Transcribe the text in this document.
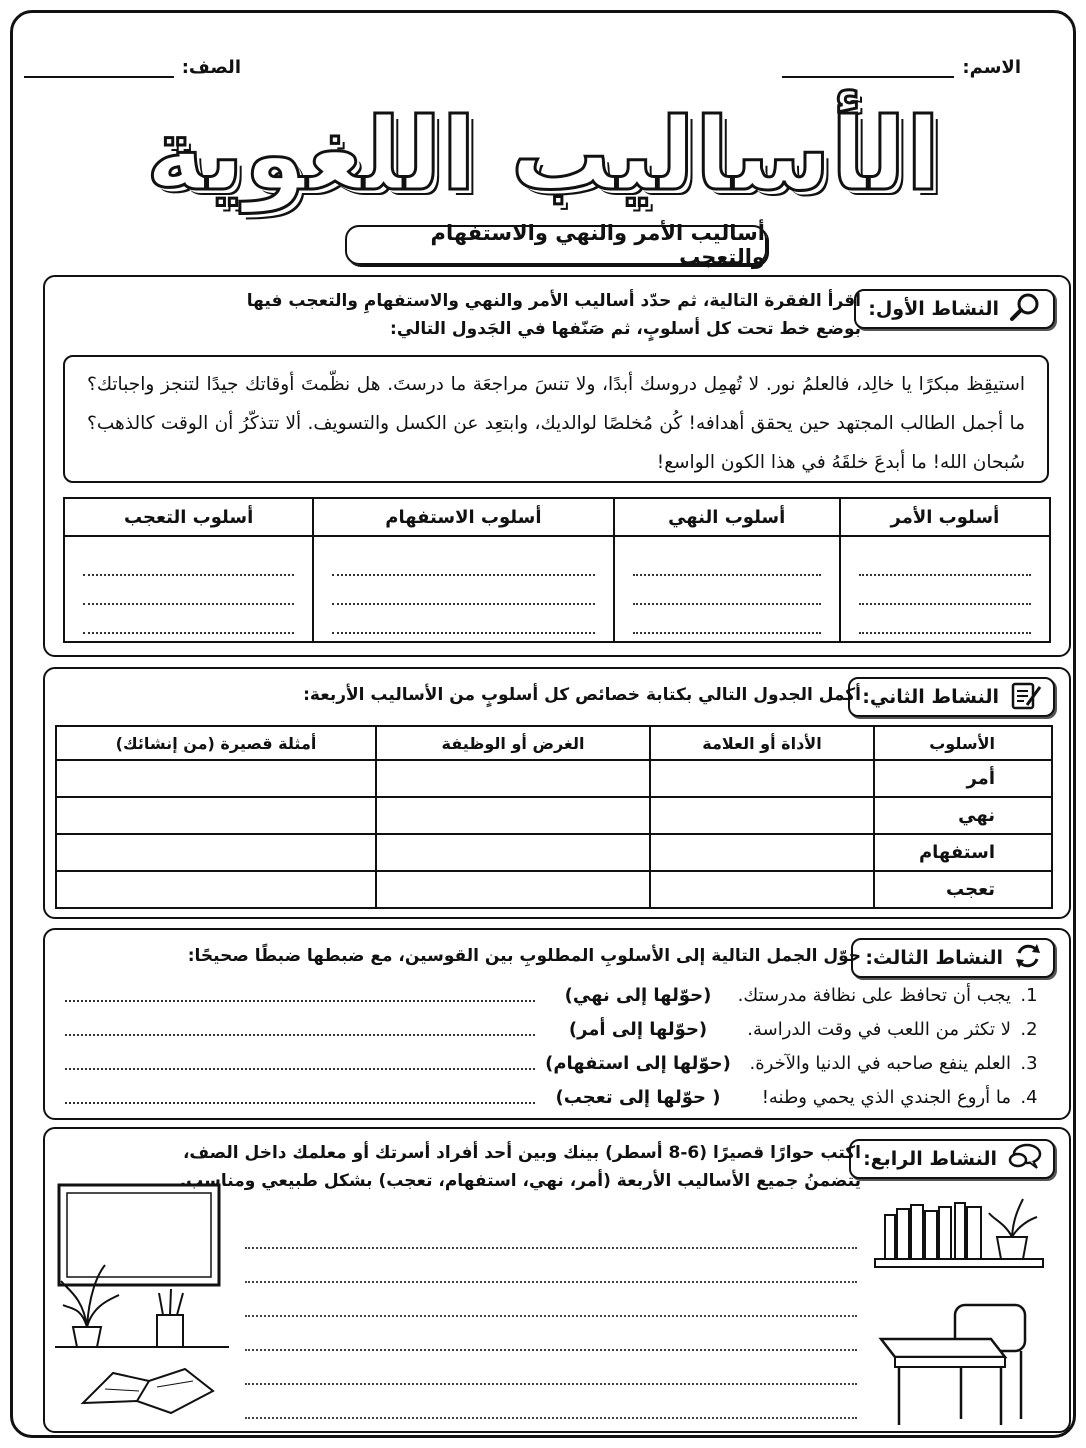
الاسم:
الصف:
الأساليب اللغوية
أساليب الأمر والنهي والاستفهام والتعجب
النشاط الأول:
اقرأ الفقرة التالية، ثم حدّد أساليب الأمر والنهي والاستفهامِ والتعجب فيها
بوضع خط تحت كل أسلوبٍ، ثم صَنّفها في الجَدول التالي:
استيقِظ مبكرًا يا خالِد، فالعلمُ نور. لا تُهمِل دروسك أبدًا، ولا تنسَ مراجعَة ما درستَ. هل نظّمتَ أوقاتك جيدًا لتنجز واجباتك؟ ما أجمل الطالب المجتهد حين يحقق أهدافه! كُن مُخلصًا لوالديك، وابتعِد عن الكسل والتسويف. ألا تتذكّرُ أن الوقت كالذهب؟ سُبحان الله! ما أبدعَ خلقَهُ في هذا الكون الواسع!
أسلوب الأمر	أسلوب النهي	أسلوب الاستفهام	أسلوب التعجب

النشاط الثاني:
أكمل الجدول التالي بكتابة خصائص كل أسلوبٍ من الأساليب الأربعة:
الأسلوب	الأداة أو العلامة	الغرض أو الوظيفة	أمثلة قصيرة (من إنشائك)
أمر			
نهي			
استفهام			
تعجب			
النشاط الثالث:
حوّل الجمل التالية إلى الأسلوبِ المطلوبِ بين القوسين، مع ضبطها ضبطًا صحيحًا:
1.
يجب أن تحافظ على نظافة مدرستك.
(حوّلها إلى نهي)
2.
لا تكثر من اللعب في وقت الدراسة.
(حوّلها إلى أمر)
3.
العلم ينفع صاحبه في الدنيا والآخرة.
(حوّلها إلى استفهام)
4.
ما أروع الجندي الذي يحمي وطنه!
( حوّلها إلى تعجب)
النشاط الرابع:
اكتب حوارًا قصيرًا (6-8 أسطر) بينك وبين أحد أفراد أسرتك أو معلمك داخل الصف،
يتضمنُ جميع الأساليب الأربعة (أمر، نهي، استفهام، تعجب) بشكل طبيعي ومناسب.
